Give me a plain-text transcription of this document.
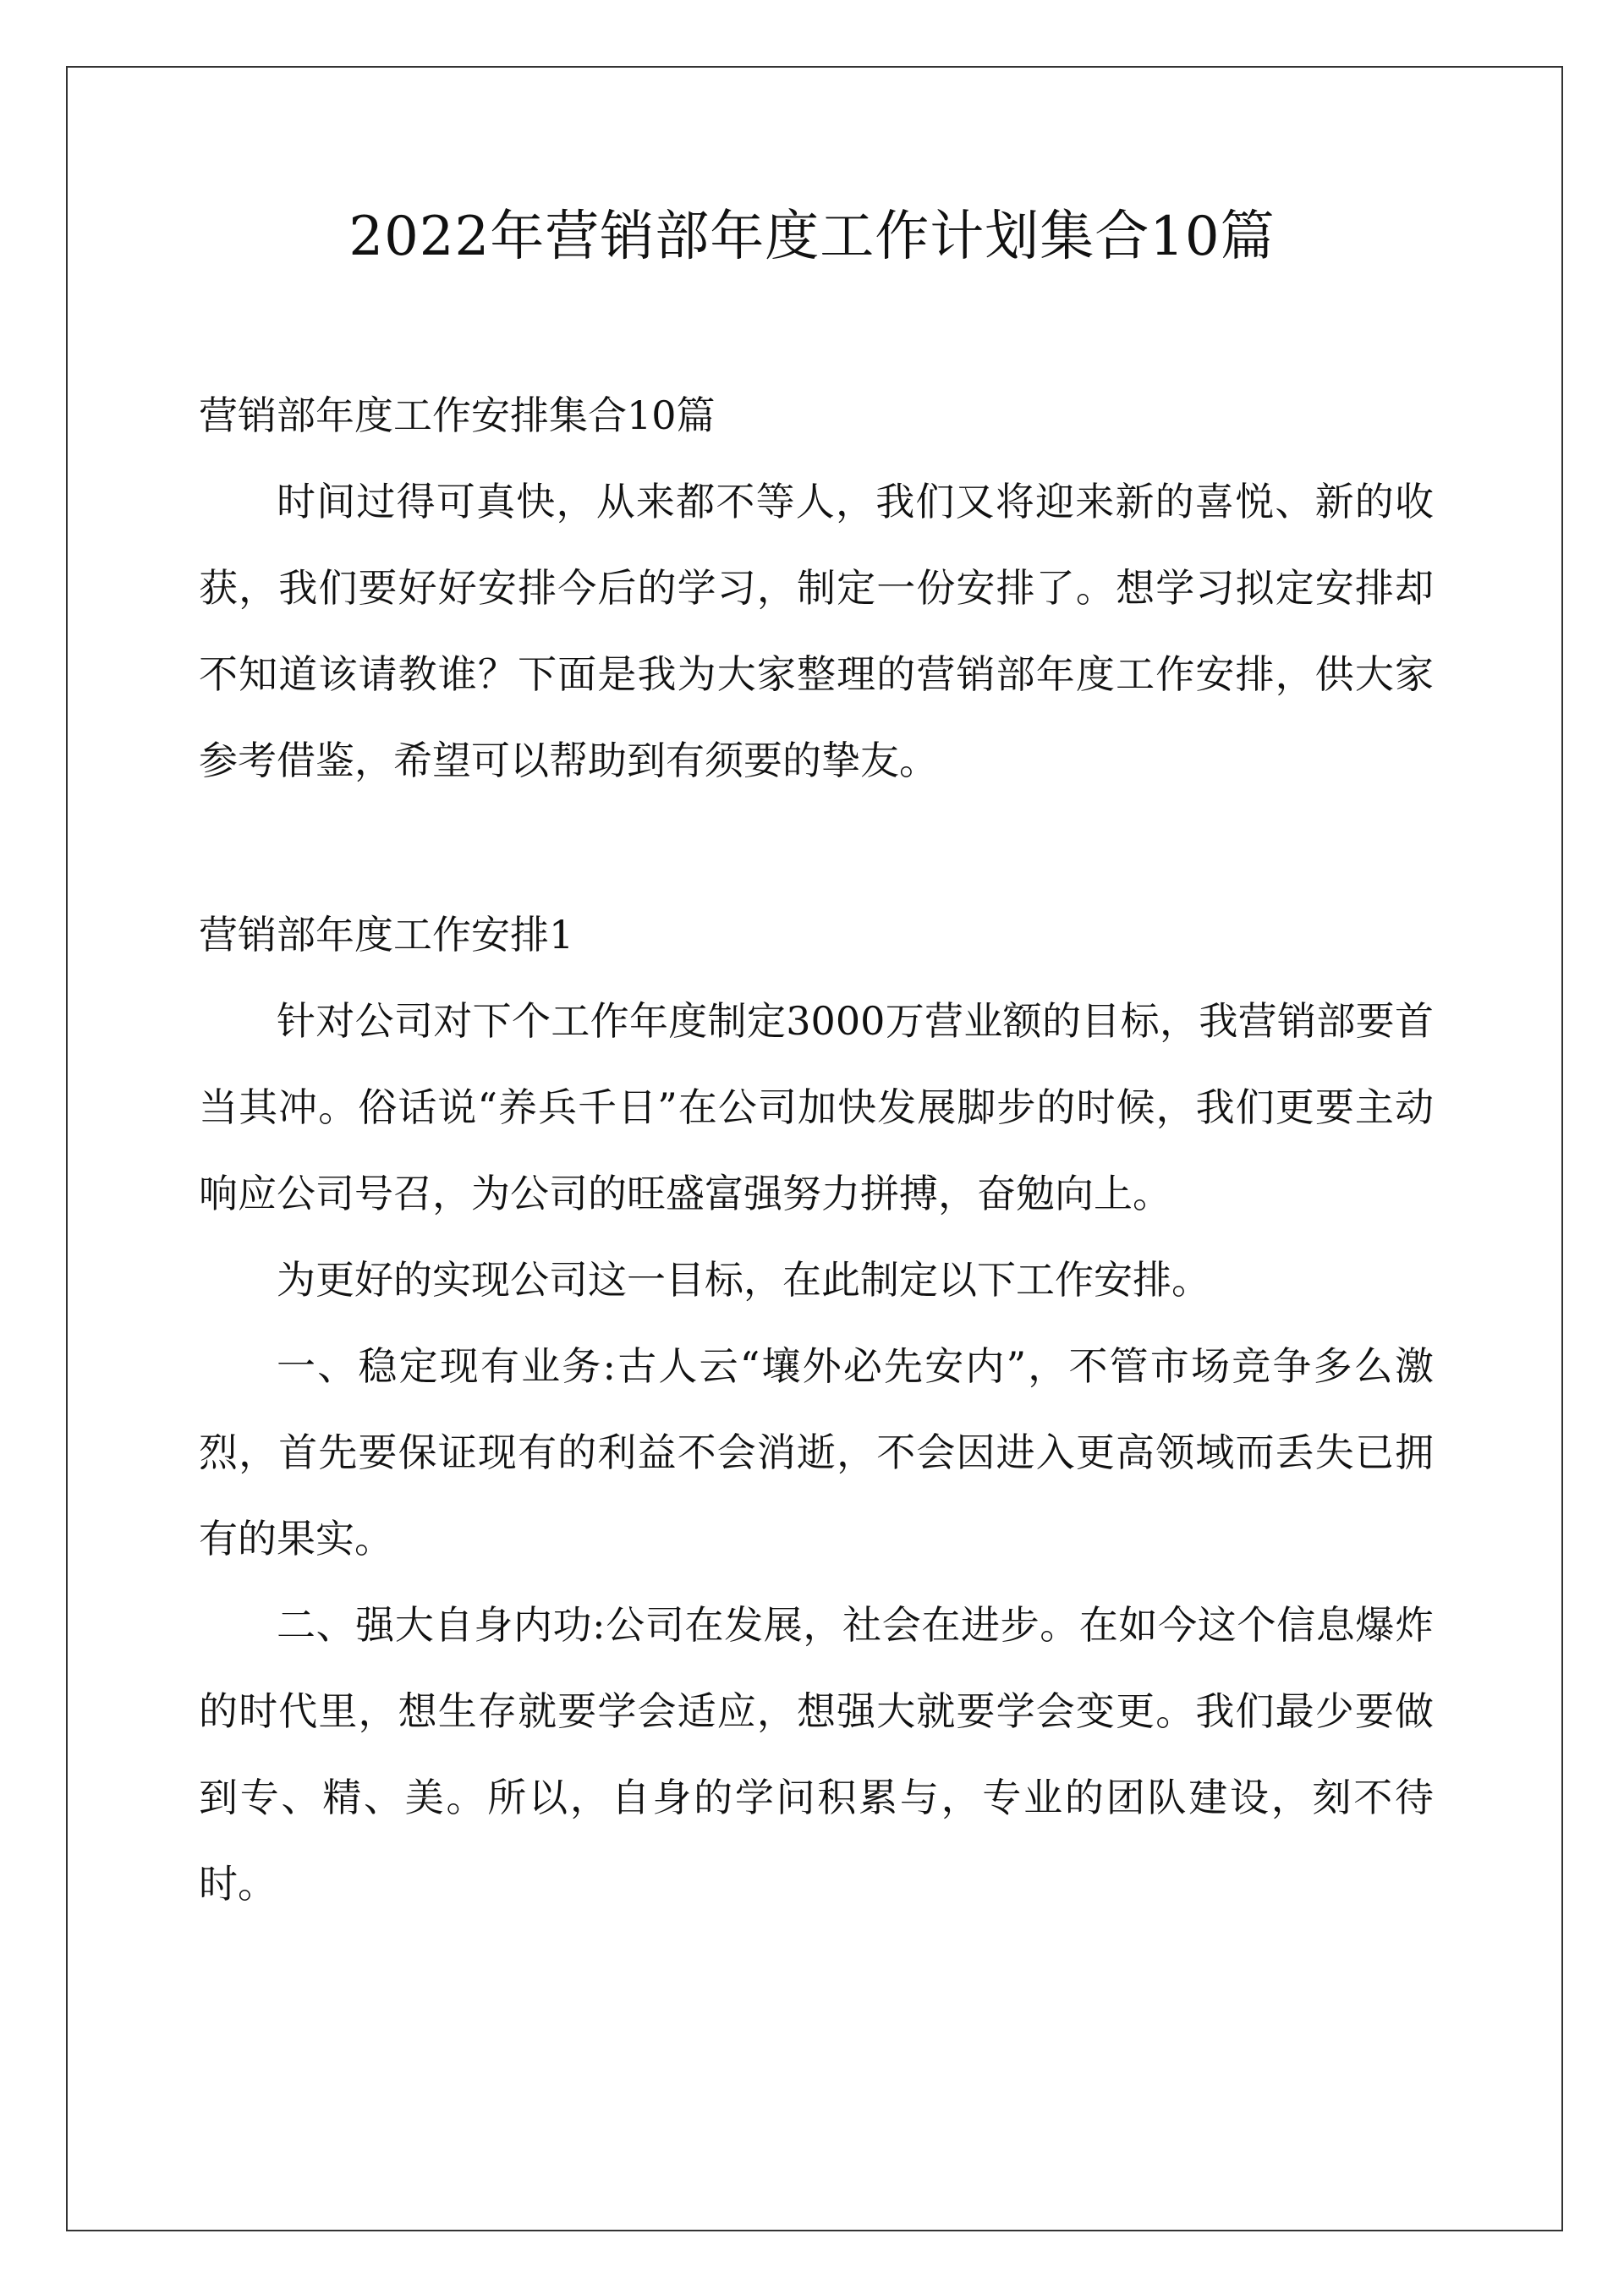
2022年营销部年度工作计划集合10篇

营销部年度工作安排集合10篇

时间过得可真快，从来都不等人，我们又将迎来新的喜悦、新的收获，我们要好好安排今后的学习，制定一份安排了。想学习拟定安排却不知道该请教谁？下面是我为大家整理的营销部年度工作安排，供大家参考借鉴，希望可以帮助到有须要的挚友。

营销部年度工作安排1

针对公司对下个工作年度制定3000万营业额的目标，我营销部要首当其冲。俗话说“养兵千日”在公司加快发展脚步的时候，我们更要主动响应公司号召，为公司的旺盛富强努力拼搏，奋勉向上。

为更好的实现公司这一目标，在此制定以下工作安排。

一、稳定现有业务:古人云“壤外必先安内”，不管市场竞争多么激烈，首先要保证现有的利益不会消逝，不会因进入更高领域而丢失已拥有的果实。

二、强大自身内功:公司在发展，社会在进步。在如今这个信息爆炸的时代里，想生存就要学会适应，想强大就要学会变更。我们最少要做到专、精、美。所以，自身的学问积累与，专业的团队建设，刻不待时。
